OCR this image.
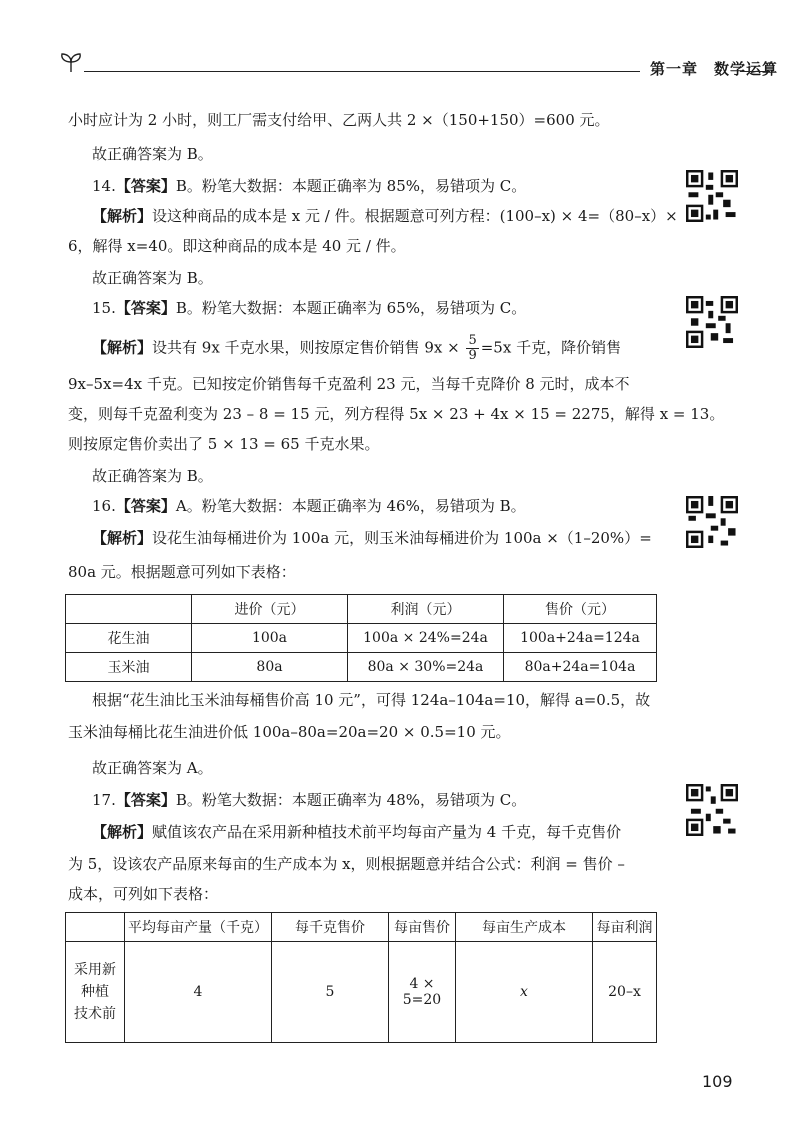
第一章　数学运算
小时应计为 2 小时，则工厂需支付给甲、乙两人共 2 ×（150+150）=600 元。
故正确答案为 B。
14.【答案】B。粉笔大数据：本题正确率为 85%，易错项为 C。
【解析】设这种商品的成本是 x 元 / 件。根据题意可列方程：(100–x) × 4=（80–x）×
6，解得 x=40。即这种商品的成本是 40 元 / 件。
故正确答案为 B。
15.【答案】B。粉笔大数据：本题正确率为 65%，易错项为 C。
【解析】设共有 9x 千克水果，则按原定售价销售 $9x \times \frac{5}{9} =5x$ 千克，降价销售
9x–5x=4x 千克。已知按定价销售每千克盈利 23 元，当每千克降价 8 元时，成本不
变，则每千克盈利变为 23 – 8 = 15 元，列方程得 5x × 23 + 4x × 15 = 2275，解得 x = 13。
则按原定售价卖出了 5 × 13 = 65 千克水果。
故正确答案为 B。
16.【答案】A。粉笔大数据：本题正确率为 46%，易错项为 B。
【解析】设花生油每桶进价为 100a 元，则玉米油每桶进价为 100a ×（1–20%）=
80a 元。根据题意可列如下表格：
	进价（元）	利润（元）	售价（元）
花生油	100a	100a × 24%=24a	100a+24a=124a
玉米油	80a	80a × 30%=24a	80a+24a=104a
根据“花生油比玉米油每桶售价高 10 元”，可得 124a–104a=10，解得 a=0.5，故
玉米油每桶比花生油进价低 100a–80a=20a=20 × 0.5=10 元。
故正确答案为 A。
17.【答案】B。粉笔大数据：本题正确率为 48%，易错项为 C。
【解析】赋值该农产品在采用新种植技术前平均每亩产量为 4 千克，每千克售价
为 5，设该农产品原来每亩的生产成本为 x，则根据题意并结合公式：利润 = 售价 –
成本，可列如下表格：
	平均每亩产量（千克）	每千克售价	每亩售价	每亩生产成本	每亩利润

采用新
种植
技术前	4	5	4 × 5=20	x	20–x
109
